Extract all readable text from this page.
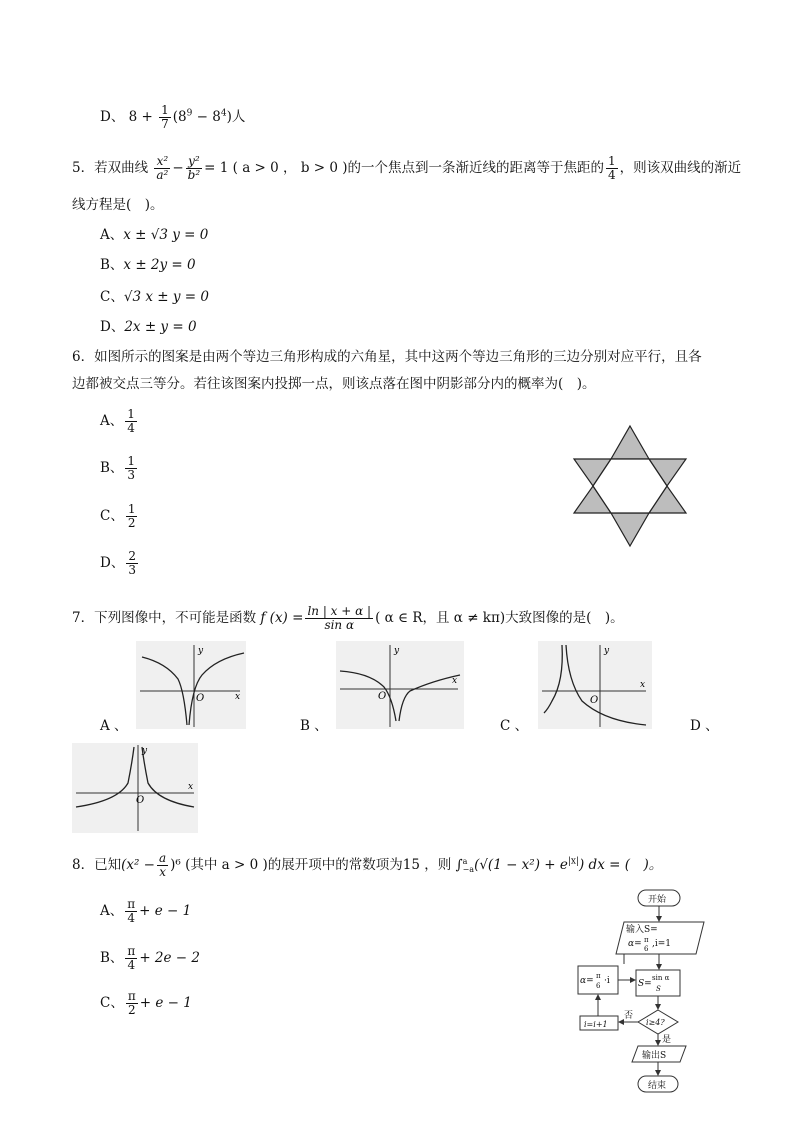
D、 $8 + \frac{1}{7} (8^9 - 8^4)$人
5．若双曲线 $\frac{\text{x²}}{\text{a²}} - \frac{\text{y²}}{\text{b²}} = 1$ ( a > 0 ， b > 0 )的一个焦点到一条渐近线的距离等于焦距的 $\frac{1}{4}$ ，则该双曲线的渐近
线方程是(　)。
A、x ± √3 y = 0
B、x ± 2y = 0
C、√3 x ± y = 0
D、2x ± y = 0
6．如图所示的图案是由两个等边三角形构成的六角星，其中这两个等边三角形的三边分别对应平行，且各
边都被交点三等分。若往该图案内投掷一点，则该点落在图中阴影部分内的概率为(　)。
A、 $\frac{1}{4}$
B、 $\frac{1}{3}$
C、 $\frac{1}{2}$
D、 $\frac{2}{3}$
7．下列图像中，不可能是函数 f $(x) = \frac{\ln | x + \alpha |}{\text{sin α}}$ ( α ∈ R，且 α ≠ kπ)大致图像的是(　)。
y
x
O
A 、
y
x
O
B 、
y
x
O
C 、	D 、
y
x
O
8．已知$(x^2 - \frac{a}{x} )^6$ (其中 a > 0 )的展开项中的常数项为15 ，则 ∫ a
−a $(√(1 - x^2) + e^{|x|})$ dx = (　)。
A、 $\frac{\pi}{4} + e - 1$
B、 $\frac{\pi}{4} + 2e - 2$
C、 $\frac{\pi}{2} + e - 1$
开始
输入S=
α= π
6 ,i=1
α= π
6 ·i	S=
sin α
S
i≥4?
否
是
i=i+1
输出S
结束
